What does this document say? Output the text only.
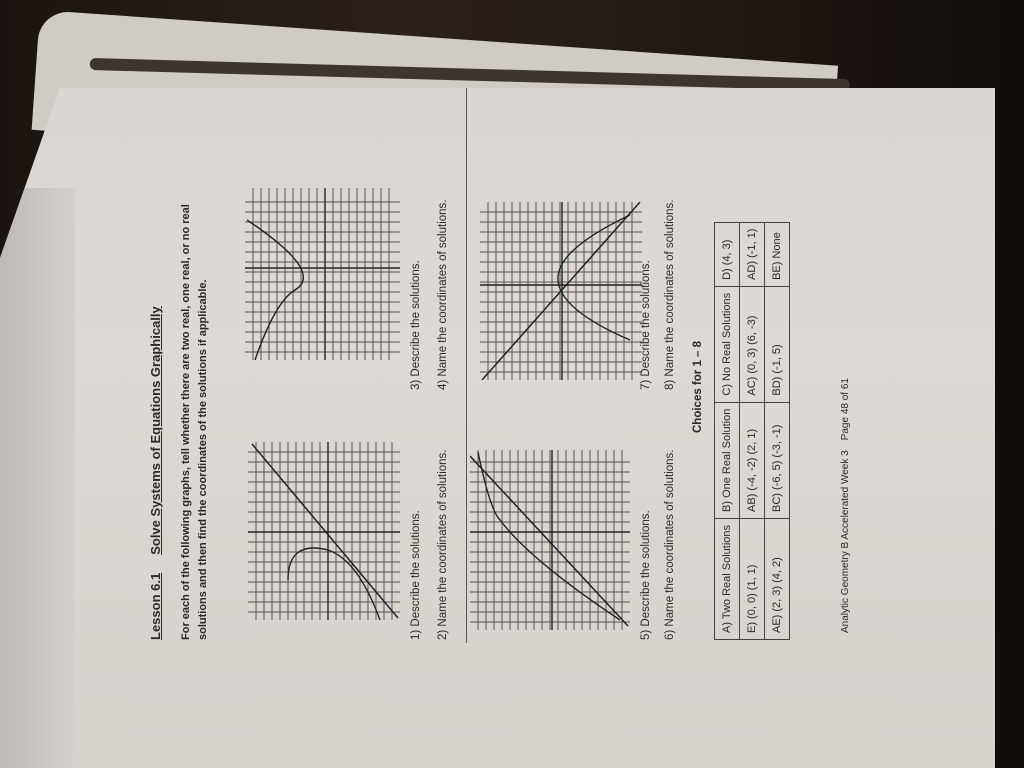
Lesson 6.1Solve Systems of Equations Graphically For each of the following graphs, tell whether there are two real, one real, or no real solutions and then find the coordinates of the solutions if applicable.	1) Describe the solutions. 2) Name the coordinates of solutions.
3) Describe the solutions. 4) Name the coordinates of solutions.
5) Describe the solutions. 6) Name the coordinates of solutions.
7) Describe the solutions. 8) Name the coordinates of solutions. Choices for 1 – 8
A) Two Real Solutions	B) One Real Solution	C) No Real Solutions	D) (4, 3)
E) (0, 0) (1, 1)	AB) (-4, -2) (2, 1)	AC) (0, 3) (6, -3)	AD) (-1, 1)
AE) (2, 3) (4, 2)	BC) (-6, 5) (-3, -1)	BD) (-1, 5)	BE) None
Analytic Geometry B Accelerated Week 3Page 48 of 61
